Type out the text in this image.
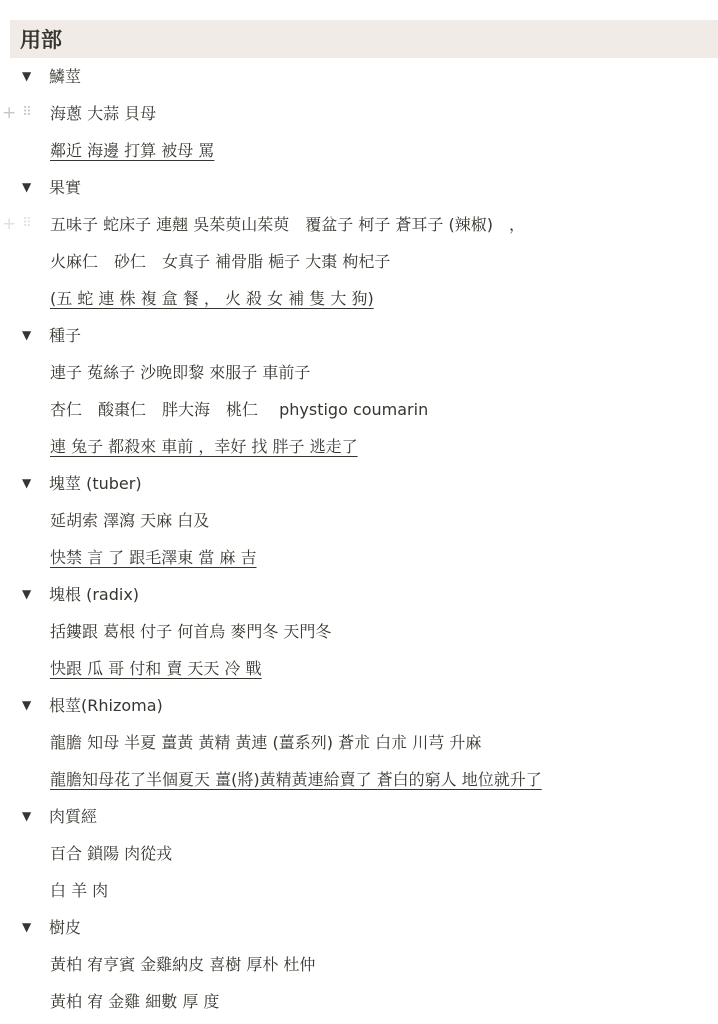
用部
▼	鱗莖
+ ⠿ 海蔥 大蒜 貝母
鄰近 海邊 打算 被母 罵
▼	果實
+ ⠿ 五味子 蛇床子 連翹 吳茱萸山茱萸　覆盆子 柯子 蒼耳子 (辣椒)　，
火麻仁　砂仁　女真子 補骨脂 梔子 大棗 枸杞子
(五 蛇 連 株 複 盒 餐 ， 火 殺 女 補 隻 大 狗)
▼	種子
連子 菟絲子 沙晚即黎 來服子 車前子
杏仁　酸棗仁　胖大海　桃仁　 phystigo coumarin
連 兔子 都殺來 車前 ，幸好 找 胖子 逃走了
▼	塊莖 (tuber)
延胡索 澤瀉 天麻 白及
快禁 言 了 跟毛澤東 當 麻 吉
▼	塊根 (radix)
括鏤跟 葛根 付子 何首烏 麥門冬 天門冬
快跟 瓜 哥 付和 賣 天天 冷 戰
▼	根莖(Rhizoma)
龍膽 知母 半夏 薑黃 黃精 黃連 (薑系列) 蒼朮 白朮 川芎 升麻
龍膽知母花了半個夏天 薑(將)黃精黃連給賣了 蒼白的窮人 地位就升了
▼	肉質經
百合 鎖陽 肉從戎
白 羊 肉
▼	樹皮
黃柏 宥亨賓 金雞納皮 喜樹 厚朴 杜仲
黃柏 宥 金雞 細數 厚 度
